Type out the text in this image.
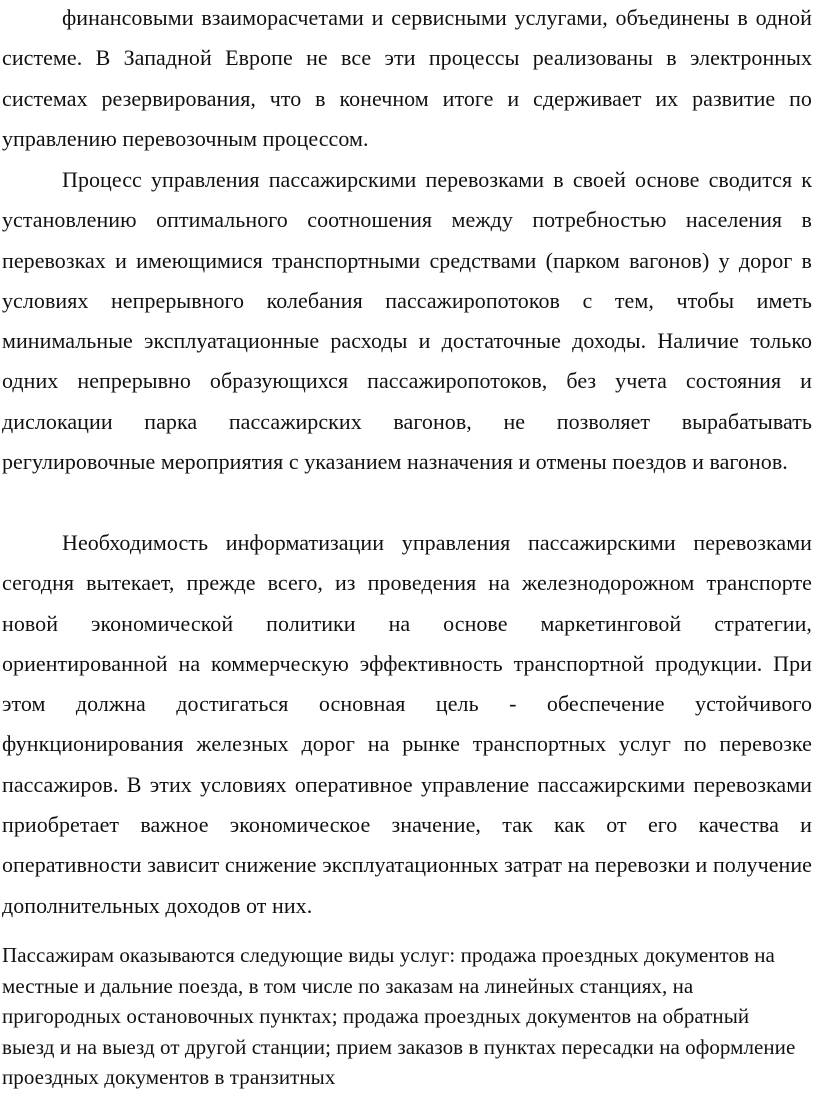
финансовыми взаиморасчетами и сервисными услугами, объединены в одной системе. В Западной Европе не все эти процессы реализованы в электронных системах резервирования, что в конечном итоге и сдерживает их развитие по управлению перевозочным процессом.

Процесс управления пассажирскими перевозками в своей основе сводится к установлению оптимального соотношения между потребностью населения в перевозках и имеющимися транспортными средствами (парком вагонов) у дорог в условиях непрерывного колебания пассажиропотоков с тем, чтобы иметь минимальные эксплуатационные расходы и достаточные доходы. Наличие только одних непрерывно образующихся пассажиропотоков, без учета состояния и дислокации парка пассажирских вагонов, не позволяет вырабатывать регулировочные мероприятия с указанием назначения и отмены поездов и вагонов.

Необходимость информатизации управления пассажирскими перевозками сегодня вытекает, прежде всего, из проведения на железнодорожном транспорте новой экономической политики на основе маркетинговой стратегии, ориентированной на коммерческую эффективность транспортной продукции. При этом должна достигаться основная цель - обеспечение устойчивого функционирования железных дорог на рынке транспортных услуг по перевозке пассажиров. В этих условиях оперативное управление пассажирскими перевозками приобретает важное экономическое значение, так как от его качества и оперативности зависит снижение эксплуатационных затрат на перевозки и получение дополнительных доходов от них.

Пассажирам оказываются следующие виды услуг: продажа проездных документов на местные и дальние поезда, в том числе по заказам на линейных станциях, на пригородных остановочных пунктах; продажа проездных документов на обратный выезд и на выезд от другой станции; прием заказов в пунктах пересадки на оформление проездных документов в транзитных
